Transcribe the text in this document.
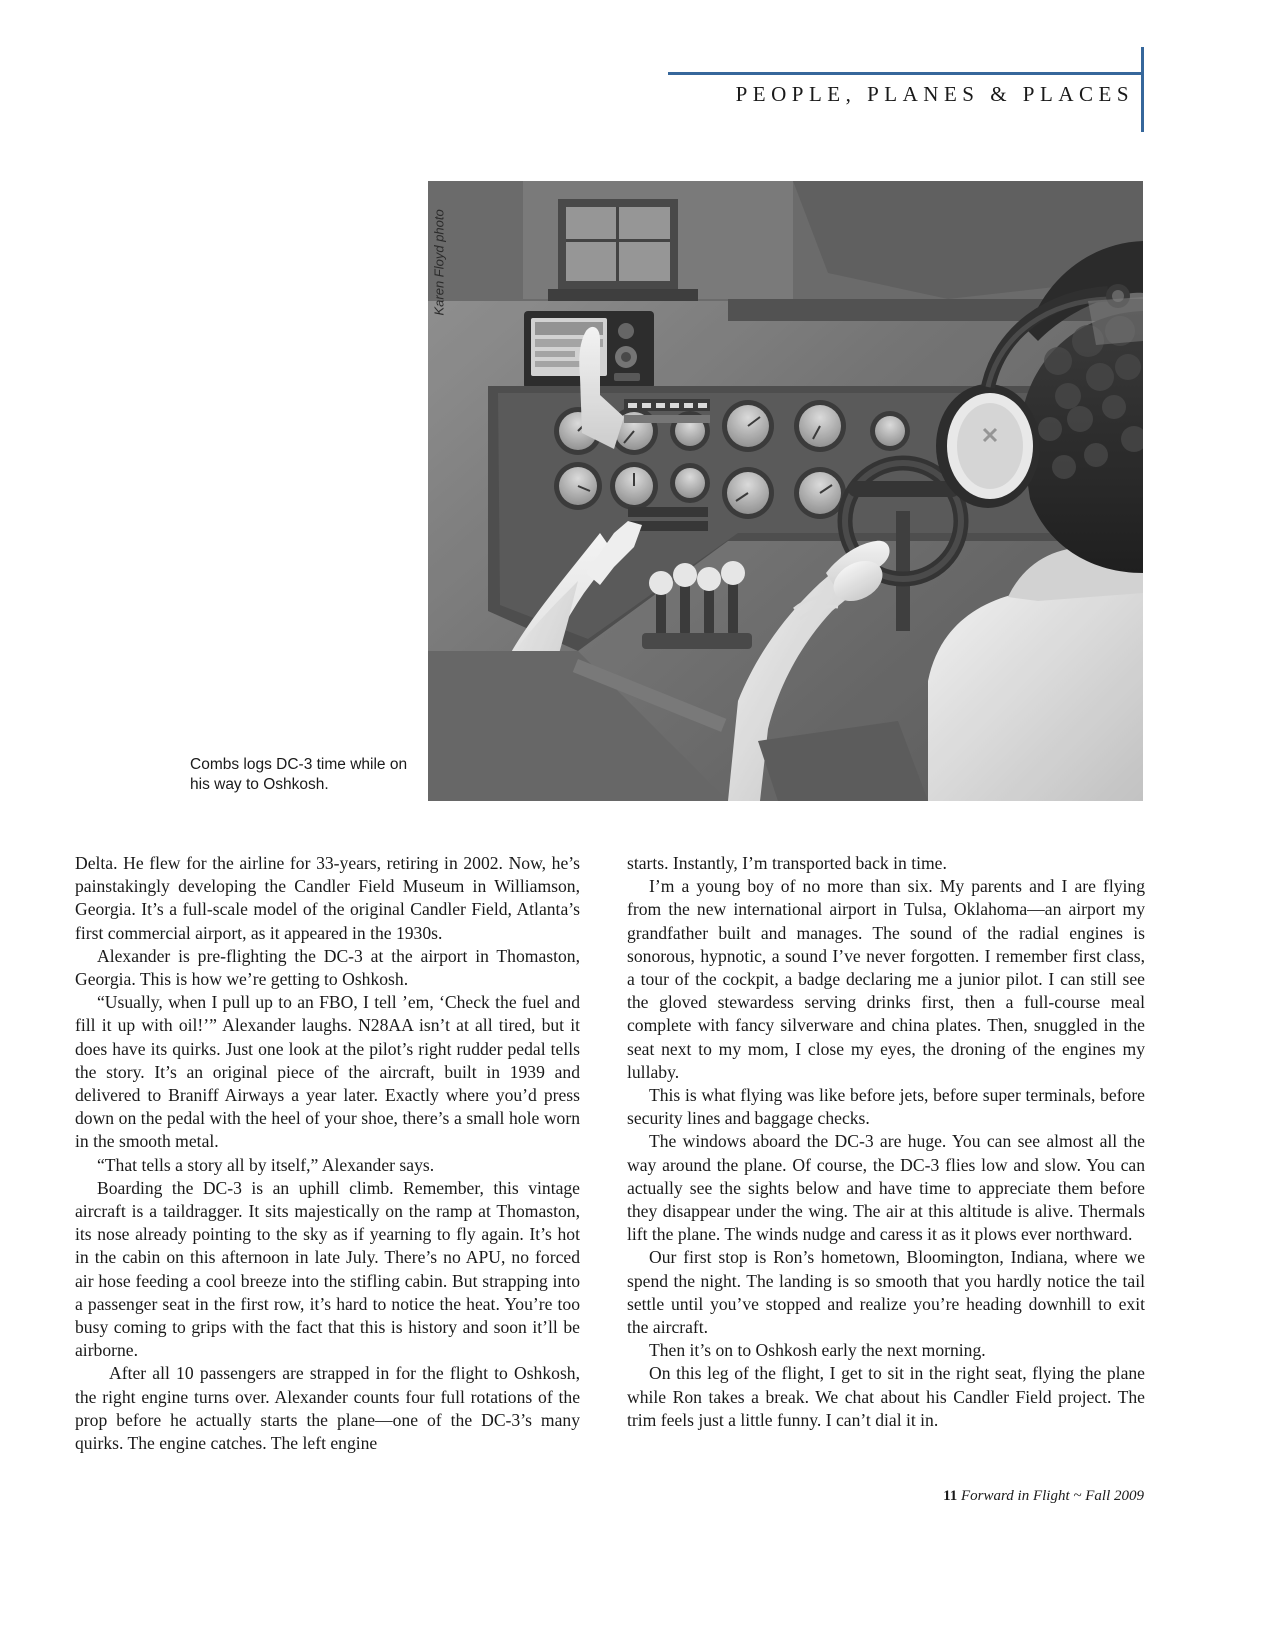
PEOPLE, PLANES & PLACES
Karen Floyd photo
Combs logs DC-3 time while on his way to Oshkosh.

Delta. He flew for the airline for 33-years, retiring in 2002. Now, he’s painstakingly developing the Candler Field Museum in Williamson, Georgia. It’s a full-scale model of the original Candler Field, Atlanta’s first commercial airport, as it appeared in the 1930s.

Alexander is pre-flighting the DC-3 at the airport in Thomaston, Georgia. This is how we’re getting to Oshkosh.

“Usually, when I pull up to an FBO, I tell ’em, ‘Check the fuel and fill it up with oil!’” Alexander laughs. N28AA isn’t at all tired, but it does have its quirks. Just one look at the pilot’s right rudder pedal tells the story. It’s an original piece of the aircraft, built in 1939 and delivered to Braniff Airways a year later. Exactly where you’d press down on the pedal with the heel of your shoe, there’s a small hole worn in the smooth metal.

“That tells a story all by itself,” Alexander says.

Boarding the DC-3 is an uphill climb. Remember, this vintage aircraft is a taildragger. It sits majestically on the ramp at Thomaston, its nose already pointing to the sky as if yearning to fly again. It’s hot in the cabin on this afternoon in late July. There’s no APU, no forced air hose feeding a cool breeze into the stifling cabin. But strapping into a passenger seat in the first row, it’s hard to notice the heat. You’re too busy coming to grips with the fact that this is history and soon it’ll be airborne.

After all 10 passengers are strapped in for the flight to Oshkosh, the right engine turns over. Alexander counts four full rotations of the prop before he actually starts the plane—one of the DC-3’s many quirks. The engine catches. The left engine

starts. Instantly, I’m transported back in time.

I’m a young boy of no more than six. My parents and I are flying from the new international airport in Tulsa, Oklahoma—an airport my grandfather built and manages. The sound of the radial engines is sonorous, hypnotic, a sound I’ve never forgotten. I remember first class, a tour of the cockpit, a badge declaring me a junior pilot. I can still see the gloved stewardess serving drinks first, then a full-course meal complete with fancy silverware and china plates. Then, snuggled in the seat next to my mom, I close my eyes, the droning of the engines my lullaby.

This is what flying was like before jets, before super terminals, before security lines and baggage checks.

The windows aboard the DC-3 are huge. You can see almost all the way around the plane. Of course, the DC-3 flies low and slow. You can actually see the sights below and have time to appreciate them before they disappear under the wing. The air at this altitude is alive. Thermals lift the plane. The winds nudge and caress it as it plows ever northward.

Our first stop is Ron’s hometown, Bloomington, Indiana, where we spend the night. The landing is so smooth that you hardly notice the tail settle until you’ve stopped and realize you’re heading downhill to exit the aircraft.

Then it’s on to Oshkosh early the next morning.

On this leg of the flight, I get to sit in the right seat, flying the plane while Ron takes a break. We chat about his Candler Field project. The trim feels just a little funny. I can’t dial it in.

11 Forward in Flight ~ Fall 2009
